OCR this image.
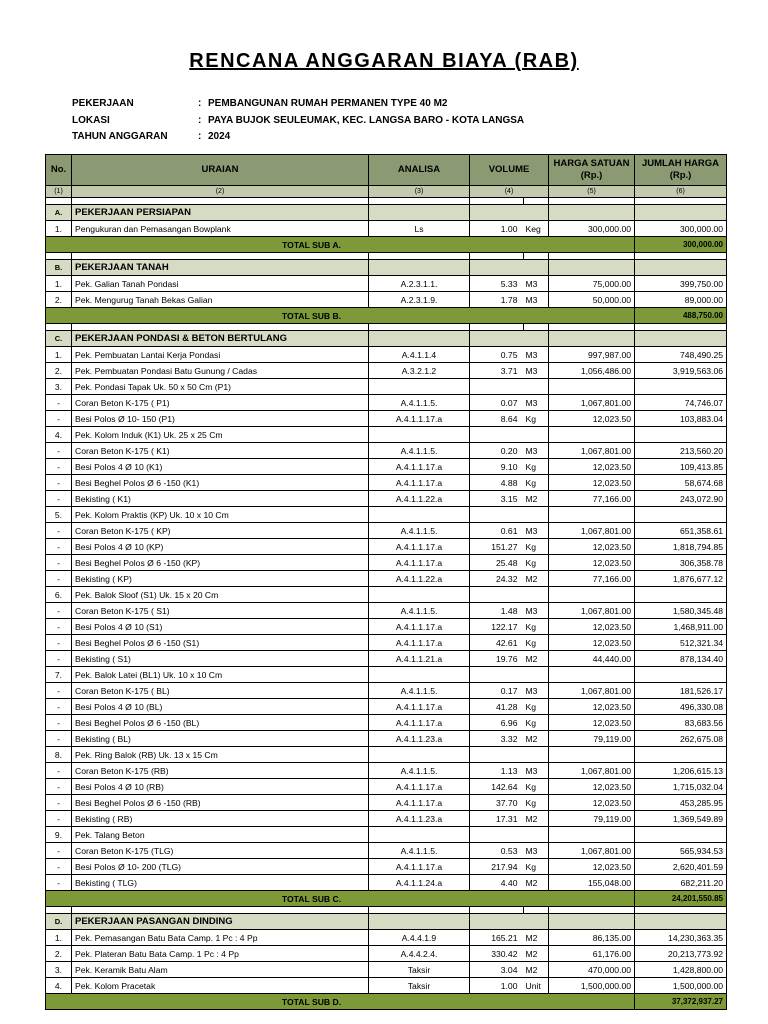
RENCANA ANGGARAN BIAYA (RAB)
PEKERJAAN	: PEMBANGUNAN RUMAH PERMANEN TYPE 40 M2
LOKASI	: PAYA BUJOK SEULEUMAK, KEC. LANGSA BARO - KOTA LANGSA
TAHUN ANGGARAN	: 2024
No.	URAIAN	ANALISA	VOLUME		HARGA SATUAN (Rp.)	JUMLAH HARGA (Rp.)
(1)	(2)	(3)	(4)		(5)	(6)

A.	PEKERJAAN PERSIAPAN					
1.	Pengukuran dan Pemasangan Bowplank	Ls	1.00	Keg	300,000.00	300,000.00
TOTAL SUB A.						300,000.00

B.	PEKERJAAN TANAH					
1.	Pek. Galian Tanah Pondasi	A.2.3.1.1.	5.33	M3	75,000.00	399,750.00
2.	Pek. Mengurug Tanah Bekas Galian	A.2.3.1.9.	1.78	M3	50,000.00	89,000.00
TOTAL SUB B.						488,750.00

C.	PEKERJAAN PONDASI & BETON BERTULANG					
1.	Pek. Pembuatan Lantai Kerja Pondasi	A.4.1.1.4	0.75	M3	997,987.00	748,490.25
2.	Pek. Pembuatan Pondasi Batu Gunung / Cadas	A.3.2.1.2	3.71	M3	1,056,486.00	3,919,563.06
3.	Pek. Pondasi Tapak Uk. 50 x 50 Cm (P1)					
-	Coran Beton K-175 ( P1)	A.4.1.1.5.	0.07	M3	1,067,801.00	74,746.07
-	Besi Polos Ø 10- 150 (P1)	A.4.1.1.17.a	8.64	Kg	12,023.50	103,883.04
4.	Pek. Kolom Induk (K1) Uk. 25 x 25 Cm					
-	Coran Beton K-175 ( K1)	A.4.1.1.5.	0.20	M3	1,067,801.00	213,560.20
-	Besi Polos 4 Ø 10 (K1)	A.4.1.1.17.a	9.10	Kg	12,023.50	109,413.85
-	Besi Beghel Polos Ø 6 -150 (K1)	A.4.1.1.17.a	4.88	Kg	12,023.50	58,674.68
-	Bekisting ( K1)	A.4.1.1.22.a	3.15	M2	77,166.00	243,072.90
5.	Pek. Kolom Praktis (KP) Uk. 10 x 10 Cm					
-	Coran Beton K-175 ( KP)	A.4.1.1.5.	0.61	M3	1,067,801.00	651,358.61
-	Besi Polos 4 Ø 10 (KP)	A.4.1.1.17.a	151.27	Kg	12,023.50	1,818,794.85
-	Besi Beghel Polos Ø 6 -150 (KP)	A.4.1.1.17.a	25.48	Kg	12,023.50	306,358.78
-	Bekisting ( KP)	A.4.1.1.22.a	24.32	M2	77,166.00	1,876,677.12
6.	Pek. Balok Sloof (S1) Uk. 15 x 20 Cm					
-	Coran Beton K-175 ( S1)	A.4.1.1.5.	1.48	M3	1,067,801.00	1,580,345.48
-	Besi Polos 4 Ø 10 (S1)	A.4.1.1.17.a	122.17	Kg	12,023.50	1,468,911.00
-	Besi Beghel Polos Ø 6 -150 (S1)	A.4.1.1.17.a	42.61	Kg	12,023.50	512,321.34
-	Bekisting ( S1)	A.4.1.1.21.a	19.76	M2	44,440.00	878,134.40
7.	Pek. Balok Latei (BL1) Uk. 10 x 10 Cm					
-	Coran Beton K-175 ( BL)	A.4.1.1.5.	0.17	M3	1,067,801.00	181,526.17
-	Besi Polos 4 Ø 10 (BL)	A.4.1.1.17.a	41.28	Kg	12,023.50	496,330.08
-	Besi Beghel Polos Ø 6 -150 (BL)	A.4.1.1.17.a	6.96	Kg	12,023.50	83,683.56
-	Bekisting ( BL)	A.4.1.1.23.a	3.32	M2	79,119.00	262,675.08
8.	Pek. Ring Balok (RB) Uk. 13 x 15 Cm					
-	Coran Beton K-175 (RB)	A.4.1.1.5.	1.13	M3	1,067,801.00	1,206,615.13
-	Besi Polos 4 Ø 10 (RB)	A.4.1.1.17.a	142.64	Kg	12,023.50	1,715,032.04
-	Besi Beghel Polos Ø 6 -150 (RB)	A.4.1.1.17.a	37.70	Kg	12,023.50	453,285.95
-	Bekisting ( RB)	A.4.1.1.23.a	17.31	M2	79,119.00	1,369,549.89
9.	Pek. Talang Beton					
-	Coran Beton K-175 (TLG)	A.4.1.1.5.	0.53	M3	1,067,801.00	565,934.53
-	Besi Polos Ø 10- 200 (TLG)	A.4.1.1.17.a	217.94	Kg	12,023.50	2,620,401.59
-	Bekisting ( TLG)	A.4.1.1.24.a	4.40	M2	155,048.00	682,211.20
TOTAL SUB C.						24,201,550.85

D.	PEKERJAAN PASANGAN DINDING					
1.	Pek. Pemasangan Batu Bata Camp. 1 Pc : 4 Pp	A.4.4.1.9	165.21	M2	86,135.00	14,230,363.35
2.	Pek. Plateran Batu Bata Camp. 1 Pc : 4 Pp	A.4.4.2.4.	330.42	M2	61,176.00	20,213,773.92
3.	Pek. Keramik Batu Alam	Taksir	3.04	M2	470,000.00	1,428,800.00
4.	Pek. Kolom Pracetak	Taksir	1.00	Unit	1,500,000.00	1,500,000.00
TOTAL SUB D.						37,372,937.27
